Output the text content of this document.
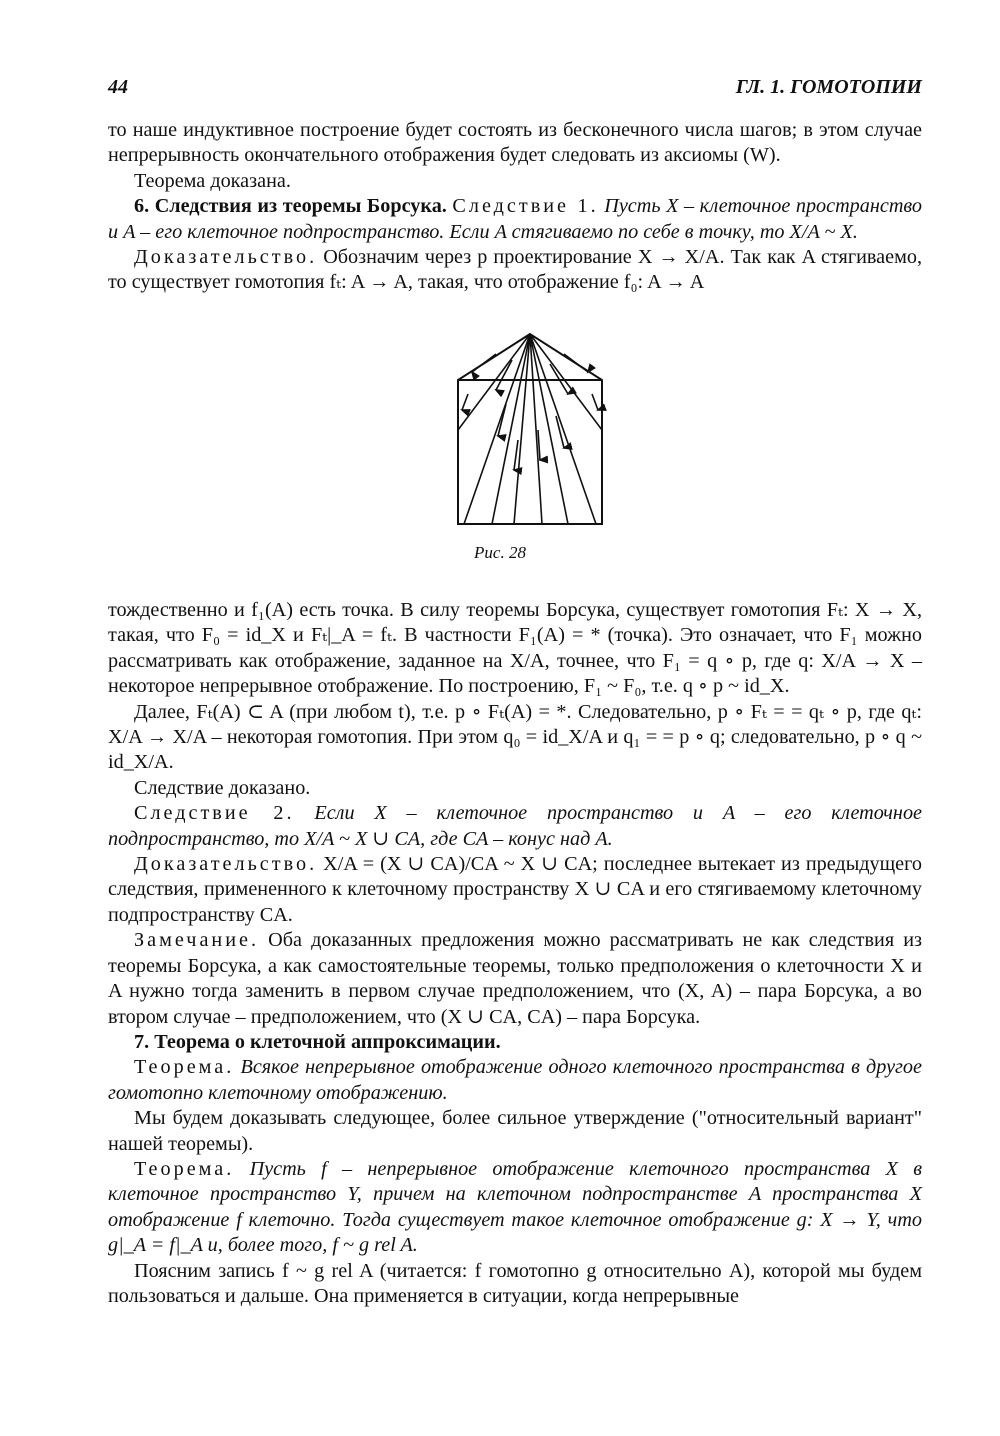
44	ГЛ. 1. ГОМОТОПИИ

то наше индуктивное построение будет состоять из бесконечного числа шагов; в этом случае непрерывность окончательного отображения будет следовать из аксиомы (W).

Теорема доказана.

6. Следствия из теоремы Борсука. Следствие 1. Пусть X – клеточное пространство и A – его клеточное подпространство. Если A стягиваемо по себе в точку, то X/A ~ X.

Доказательство. Обозначим через p проектирование X → X/A. Так как A стягиваемо, то существует гомотопия fₜ: A → A, такая, что отображение f₀: A → A

Рис. 28

тождественно и f₁(A) есть точка. В силу теоремы Борсука, существует гомотопия Fₜ: X → X, такая, что F₀ = id_X и Fₜ|_A = fₜ. В частности F₁(A) = * (точка). Это означает, что F₁ можно рассматривать как отображение, заданное на X/A, точнее, что F₁ = q ∘ p, где q: X/A → X – некоторое непрерывное отображение. По построению, F₁ ~ F₀, т.е. q ∘ p ~ id_X.

Далее, Fₜ(A) ⊂ A (при любом t), т.е. p ∘ Fₜ(A) = *. Следовательно, p ∘ Fₜ = = qₜ ∘ p, где qₜ: X/A → X/A – некоторая гомотопия. При этом q₀ = id_X/A и q₁ = = p ∘ q; следовательно, p ∘ q ~ id_X/A.

Следствие доказано.

Следствие 2. Если X – клеточное пространство и A – его клеточное подпространство, то X/A ~ X ∪ CA, где CA – конус над A.

Доказательство. X/A = (X ∪ CA)/CA ~ X ∪ CA; последнее вытекает из предыдущего следствия, примененного к клеточному пространству X ∪ CA и его стягиваемому клеточному подпространству CA.

Замечание. Оба доказанных предложения можно рассматривать не как следствия из теоремы Борсука, а как самостоятельные теоремы, только предположения о клеточности X и A нужно тогда заменить в первом случае предположением, что (X, A) – пара Борсука, а во втором случае – предположением, что (X ∪ CA, CA) – пара Борсука.

7. Теорема о клеточной аппроксимации.

Теорема. Всякое непрерывное отображение одного клеточного пространства в другое гомотопно клеточному отображению.

Мы будем доказывать следующее, более сильное утверждение ("относительный вариант" нашей теоремы).

Теорема. Пусть f – непрерывное отображение клеточного пространства X в клеточное пространство Y, причем на клеточном подпространстве A пространства X отображение f клеточно. Тогда существует такое клеточное отображение g: X → Y, что g|_A = f|_A и, более того, f ~ g rel A.

Поясним запись f ~ g rel A (читается: f гомотопно g относительно A), которой мы будем пользоваться и дальше. Она применяется в ситуации, когда непрерывные
